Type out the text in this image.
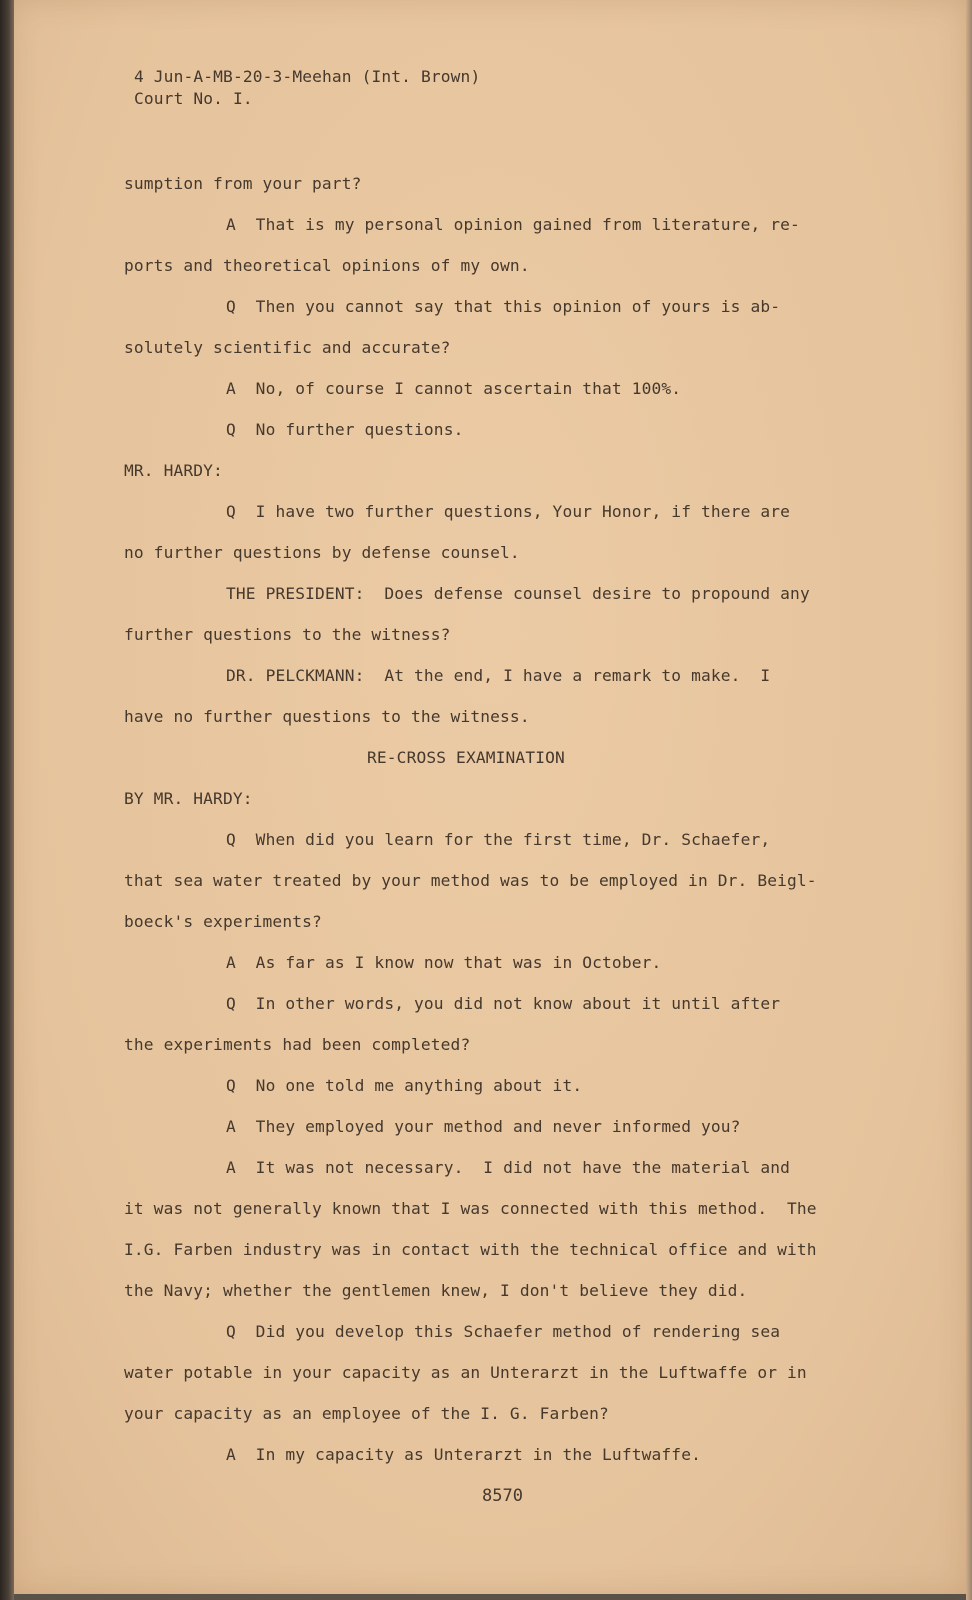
4 Jun-A-MB-20-3-Meehan (Int. Brown)

Court No. I.

sumption from your part?

A  That is my personal opinion gained from literature, re-

ports and theoretical opinions of my own.

Q  Then you cannot say that this opinion of yours is ab-

solutely scientific and accurate?

A  No, of course I cannot ascertain that 100%.

Q  No further questions.

MR. HARDY:

Q  I have two further questions, Your Honor, if there are

no further questions by defense counsel.

THE PRESIDENT:  Does defense counsel desire to propound any

further questions to the witness?

DR. PELCKMANN:  At the end, I have a remark to make.  I

have no further questions to the witness.

RE-CROSS EXAMINATION

BY MR. HARDY:

Q  When did you learn for the first time, Dr. Schaefer,

that sea water treated by your method was to be employed in Dr. Beigl-

boeck's experiments?

A  As far as I know now that was in October.

Q  In other words, you did not know about it until after

the experiments had been completed?

Q  No one told me anything about it.

A  They employed your method and never informed you?

A  It was not necessary.  I did not have the material and

it was not generally known that I was connected with this method.  The

I.G. Farben industry was in contact with the technical office and with

the Navy; whether the gentlemen knew, I don't believe they did.

Q  Did you develop this Schaefer method of rendering sea

water potable in your capacity as an Unterarzt in the Luftwaffe or in

your capacity as an employee of the I. G. Farben?

A  In my capacity as Unterarzt in the Luftwaffe.

8570
